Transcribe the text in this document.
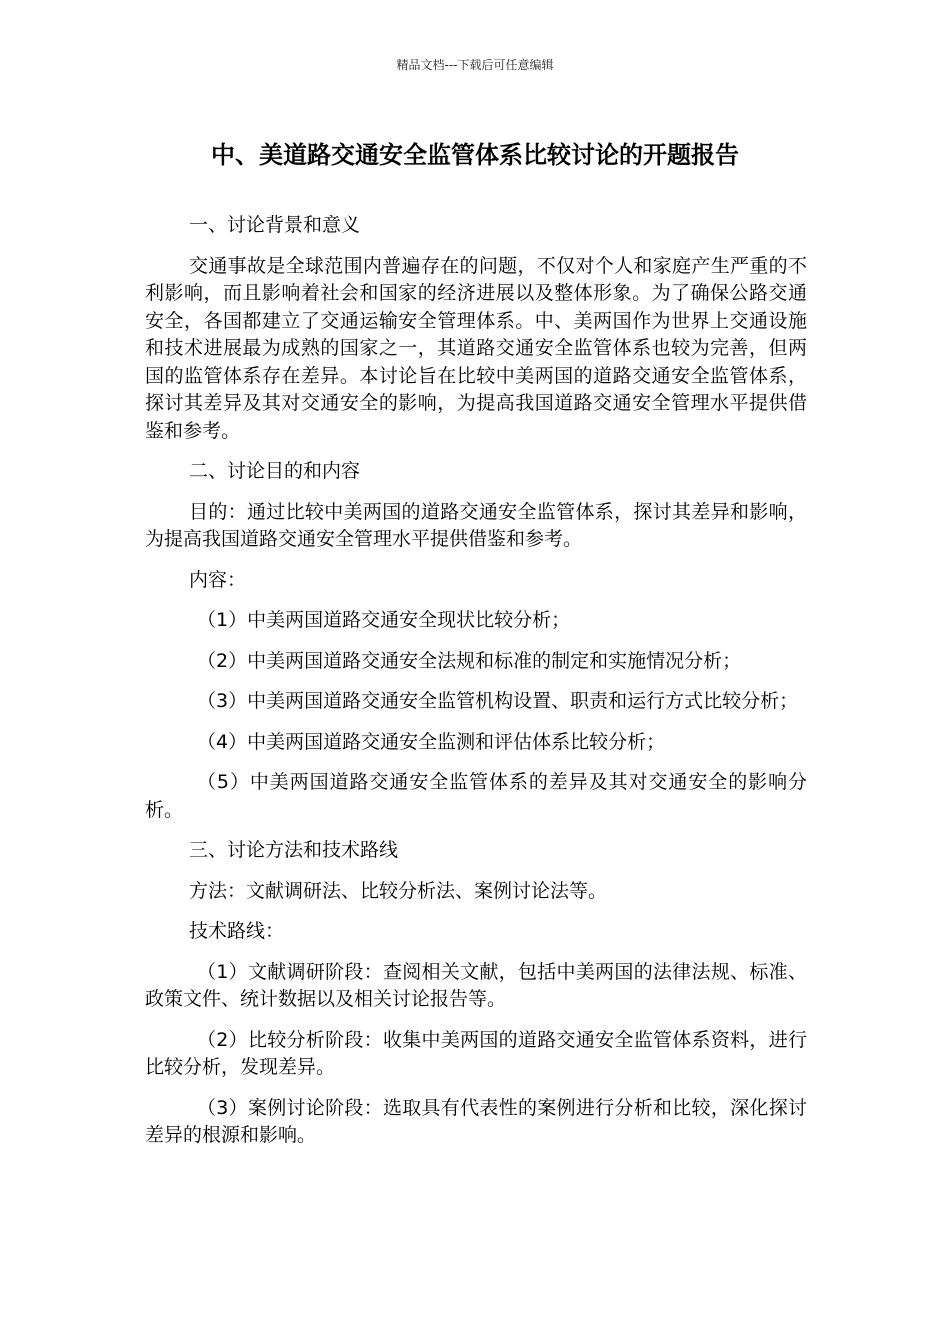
精品文档---下载后可任意编辑
中、美道路交通安全监管体系比较讨论的开题报告

一、讨论背景和意义

交通事故是全球范围内普遍存在的问题，不仅对个人和家庭产生严重的不利影响，而且影响着社会和国家的经济进展以及整体形象。为了确保公路交通安全，各国都建立了交通运输安全管理体系。中、美两国作为世界上交通设施和技术进展最为成熟的国家之一，其道路交通安全监管体系也较为完善，但两国的监管体系存在差异。本讨论旨在比较中美两国的道路交通安全监管体系，探讨其差异及其对交通安全的影响，为提高我国道路交通安全管理水平提供借鉴和参考。

二、讨论目的和内容

目的：通过比较中美两国的道路交通安全监管体系，探讨其差异和影响，为提高我国道路交通安全管理水平提供借鉴和参考。

内容：

（1）中美两国道路交通安全现状比较分析；

（2）中美两国道路交通安全法规和标准的制定和实施情况分析；

（3）中美两国道路交通安全监管机构设置、职责和运行方式比较分析；

（4）中美两国道路交通安全监测和评估体系比较分析；

（5）中美两国道路交通安全监管体系的差异及其对交通安全的影响分析。

三、讨论方法和技术路线

方法：文献调研法、比较分析法、案例讨论法等。

技术路线：

（1）文献调研阶段：查阅相关文献，包括中美两国的法律法规、标准、政策文件、统计数据以及相关讨论报告等。

（2）比较分析阶段：收集中美两国的道路交通安全监管体系资料，进行比较分析，发现差异。

（3）案例讨论阶段：选取具有代表性的案例进行分析和比较，深化探讨差异的根源和影响。
